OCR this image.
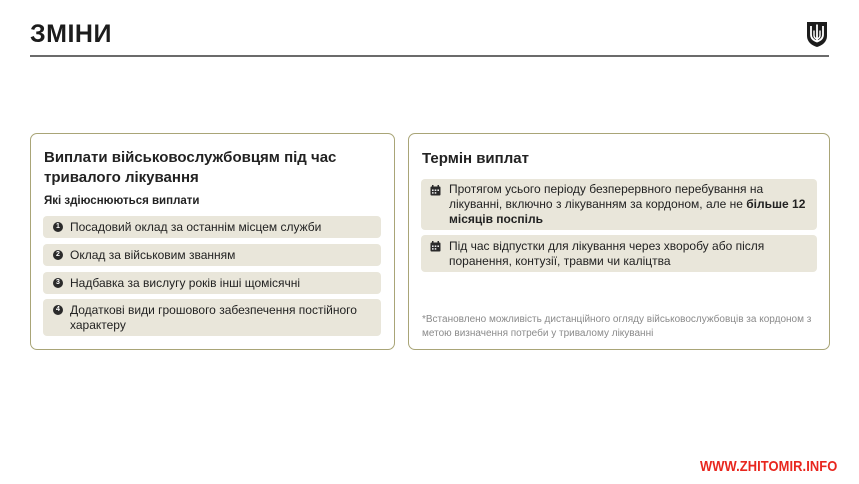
ЗМІНИ
Виплати військовослужбовцям під час тривалого лікування
Які здіюснюються виплати
1 Посадовий оклад за останнім місцем служби
2 Оклад за військовим званням
3 Надбавка за вислугу років інші щомісячні
4 Додаткові види грошового забезпечення постійного характеру
Термін виплат
Протягом усього періоду безперервного перебування на лікуванні, включно з лікуванням за кордоном, але не більше 12 місяців поспіль
Під час відпустки для лікування через хворобу або після поранення, контузії, травми чи каліцтва
*Встановлено можливість дистанційного огляду військовослужбовців за кордоном з метою визначення потреби у тривалому лікуванні
WWW.ZHITOMIR.INFO
